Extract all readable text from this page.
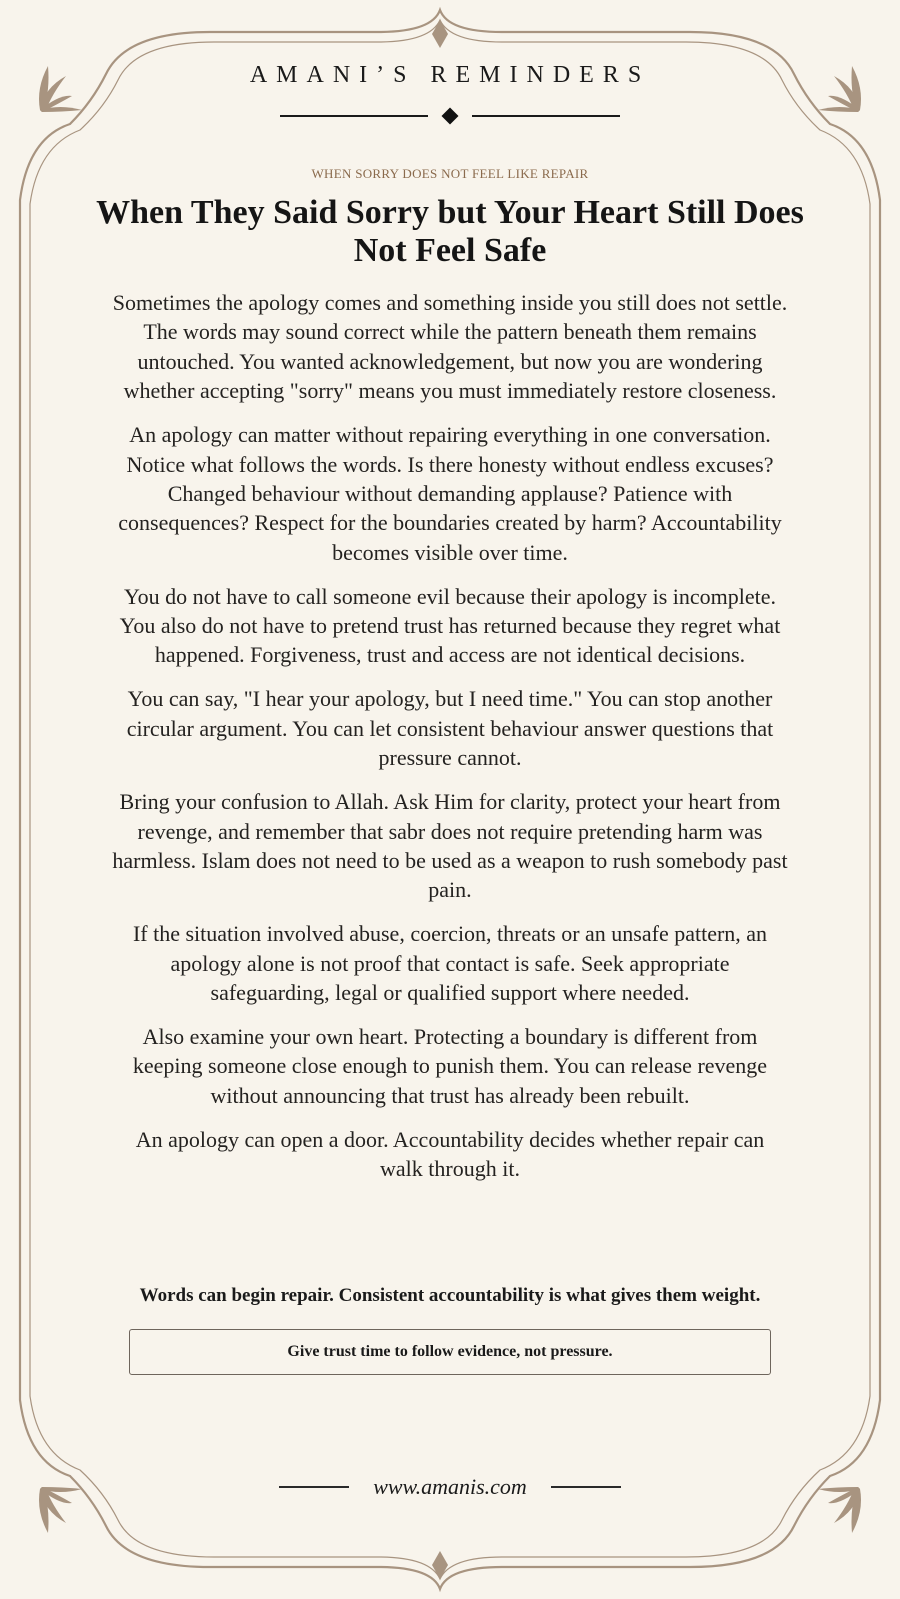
AMANI’S REMINDERS
WHEN SORRY DOES NOT FEEL LIKE REPAIR
When They Said Sorry but Your Heart Still Does Not Feel Safe

Sometimes the apology comes and something inside you still does not settle. The words may sound correct while the pattern beneath them remains untouched. You wanted acknowledgement, but now you are wondering whether accepting "sorry" means you must immediately restore closeness.

An apology can matter without repairing everything in one conversation. Notice what follows the words. Is there honesty without endless excuses? Changed behaviour without demanding applause? Patience with consequences? Respect for the boundaries created by harm? Accountability becomes visible over time.

You do not have to call someone evil because their apology is incomplete. You also do not have to pretend trust has returned because they regret what happened. Forgiveness, trust and access are not identical decisions.

You can say, "I hear your apology, but I need time." You can stop another circular argument. You can let consistent behaviour answer questions that pressure cannot.

Bring your confusion to Allah. Ask Him for clarity, protect your heart from revenge, and remember that sabr does not require pretending harm was harmless. Islam does not need to be used as a weapon to rush somebody past pain.

If the situation involved abuse, coercion, threats or an unsafe pattern, an apology alone is not proof that contact is safe. Seek appropriate safeguarding, legal or qualified support where needed.

Also examine your own heart. Protecting a boundary is different from keeping someone close enough to punish them. You can release revenge without announcing that trust has already been rebuilt.

An apology can open a door. Accountability decides whether repair can walk through it.

Words can begin repair. Consistent accountability is what gives them weight.
Give trust time to follow evidence, not pressure.
www.amanis.com
